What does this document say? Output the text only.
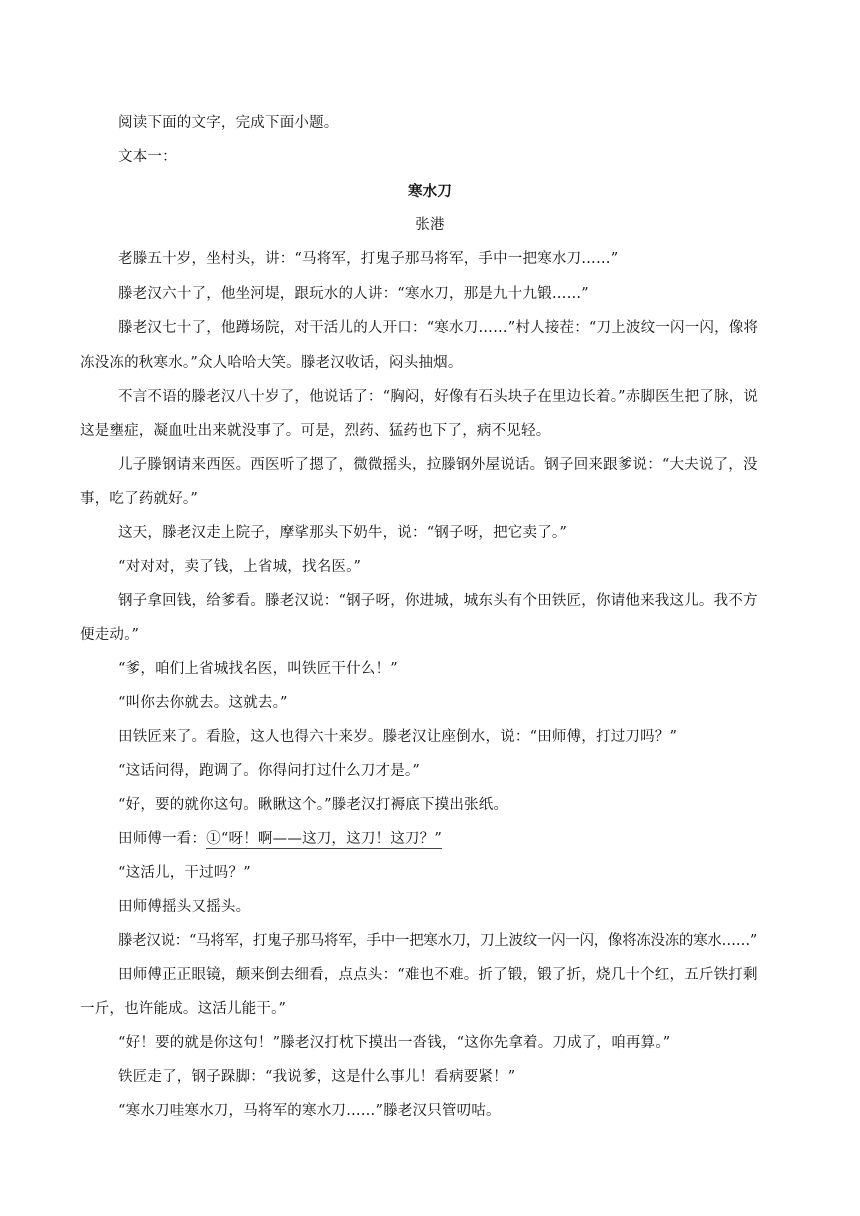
阅读下面的文字，完成下面小题。
文本一：
寒水刀
张港
老滕五十岁，坐村头，讲：“马将军，打鬼子那马将军，手中一把寒水刀……”
滕老汉六十了，他坐河堤，跟玩水的人讲：“寒水刀，那是九十九锻……”
滕老汉七十了，他蹲场院，对干活儿的人开口：“寒水刀……”村人接茬：“刀上波纹一闪一闪，像将
冻没冻的秋寒水。”众人哈哈大笑。滕老汉收话，闷头抽烟。
不言不语的滕老汉八十岁了，他说话了：“胸闷，好像有石头块子在里边长着。”赤脚医生把了脉，说
这是壅症，凝血吐出来就没事了。可是，烈药、猛药也下了，病不见轻。
儿子滕钢请来西医。西医听了摁了，微微摇头，拉滕钢外屋说话。钢子回来跟爹说：“大夫说了，没
事，吃了药就好。”
这天，滕老汉走上院子，摩挲那头下奶牛，说：“钢子呀，把它卖了。”
“对对对，卖了钱，上省城，找名医。”
钢子拿回钱，给爹看。滕老汉说：“钢子呀，你进城，城东头有个田铁匠，你请他来我这儿。我不方
便走动。”
“爹，咱们上省城找名医，叫铁匠干什么！”
“叫你去你就去。这就去。”
田铁匠来了。看脸，这人也得六十来岁。滕老汉让座倒水，说：“田师傅，打过刀吗？”
“这话问得，跑调了。你得问打过什么刀才是。”
“好，要的就你这句。瞅瞅这个。”滕老汉打褥底下摸出张纸。
田师傅一看：①“呀！啊——这刀，这刀！这刀？”
“这活儿，干过吗？”
田师傅摇头又摇头。
滕老汉说：“马将军，打鬼子那马将军，手中一把寒水刀，刀上波纹一闪一闪，像将冻没冻的寒水……”
田师傅正正眼镜，颠来倒去细看，点点头：“难也不难。折了锻，锻了折，烧几十个红，五斤铁打剩
一斤，也许能成。这活儿能干。”
“好！要的就是你这句！”滕老汉打枕下摸出一沓钱，“这你先拿着。刀成了，咱再算。”
铁匠走了，钢子跺脚：“我说爹，这是什么事儿！看病要紧！”
“寒水刀哇寒水刀，马将军的寒水刀……”滕老汉只管叨咕。
